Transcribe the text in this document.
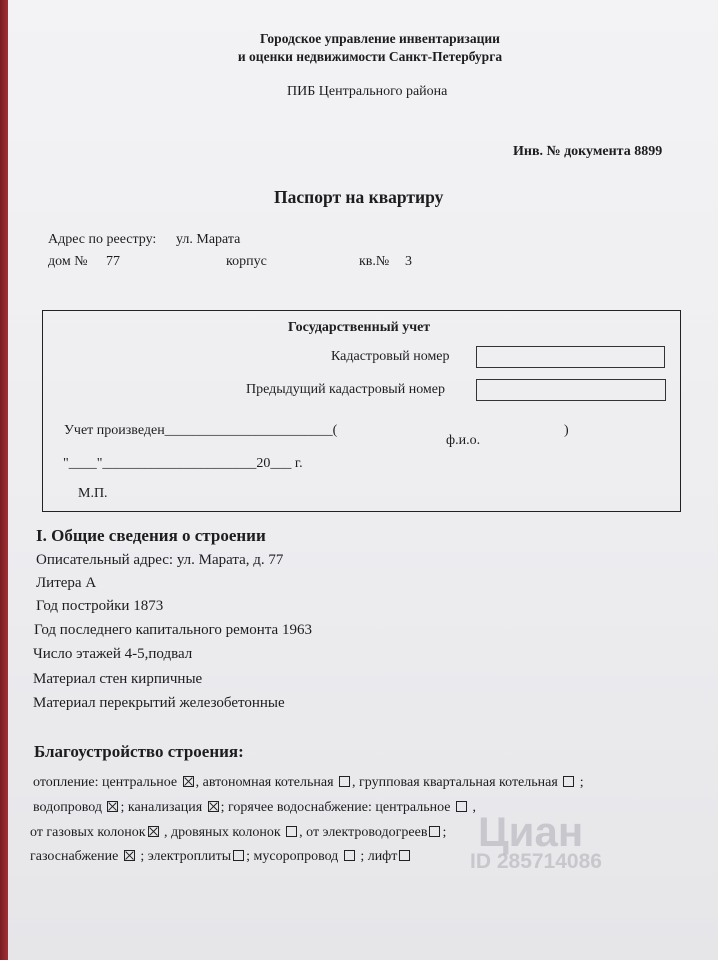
Городское управление инвентаризации
и оценки недвижимости Санкт-Петербурга
ПИБ Центрального района
Инв. № документа 8899
Паспорт на квартиру
Адрес по реестру: ул. Марата
дом № 77	корпус	кв.№ 3
Государственный учет
Кадастровый номер
Предыдущий кадастровый номер
Учет произведен________________________(	)
ф.и.о.
"____"______________________20___ г.
М.П.
I. Общие сведения о строении
Описательный адрес: ул. Марата, д. 77
Литера А
Год постройки 1873
Год последнего капитального ремонта 1963
Число этажей 4-5,подвал
Материал стен кирпичные
Материал перекрытий железобетонные
Благоустройство строения:
отопление: центральное , автономная котельная , групповая квартальная котельная ;
водопровод ; канализация ; горячее водоснабжение: центральное ,
от газовых колонок , дровяных колонок , от электроводогреев ;
газоснабжение ; электроплиты ; мусоропровод ; лифт
Циан
ID 285714086
